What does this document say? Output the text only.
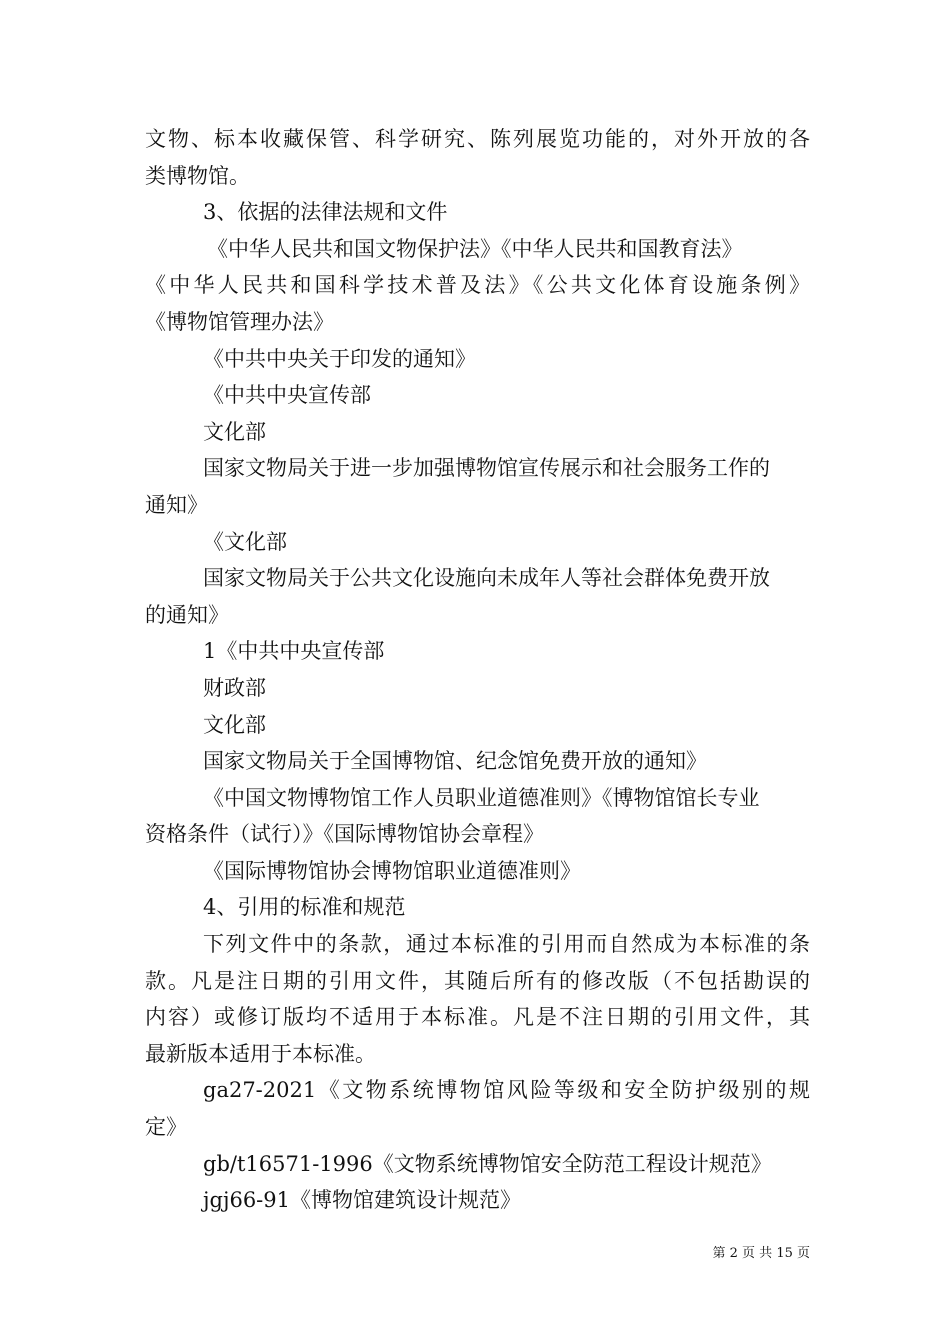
文物、标本收藏保管、科学研究、陈列展览功能的，对外开放的各
类博物馆。
3、依据的法律法规和文件
《中华人民共和国文物保护法》《中华人民共和国教育法》
《中华人民共和国科学技术普及法》《公共文化体育设施条例》
《博物馆管理办法》
《中共中央关于印发的通知》
《中共中央宣传部
文化部
国家文物局关于进一步加强博物馆宣传展示和社会服务工作的
通知》
《文化部
国家文物局关于公共文化设施向未成年人等社会群体免费开放
的通知》
1《中共中央宣传部
财政部
文化部
国家文物局关于全国博物馆、纪念馆免费开放的通知》
《中国文物博物馆工作人员职业道德准则》《博物馆馆长专业
资格条件（试行）》《国际博物馆协会章程》
《国际博物馆协会博物馆职业道德准则》
4、引用的标准和规范
下列文件中的条款，通过本标准的引用而自然成为本标准的条
款。凡是注日期的引用文件，其随后所有的修改版（不包括勘误的
内容）或修订版均不适用于本标准。凡是不注日期的引用文件，其
最新版本适用于本标准。
ga27-2021《文物系统博物馆风险等级和安全防护级别的规
定》
gb/t16571-1996《文物系统博物馆安全防范工程设计规范》
jgj66-91《博物馆建筑设计规范》
第 2 页 共 15 页
